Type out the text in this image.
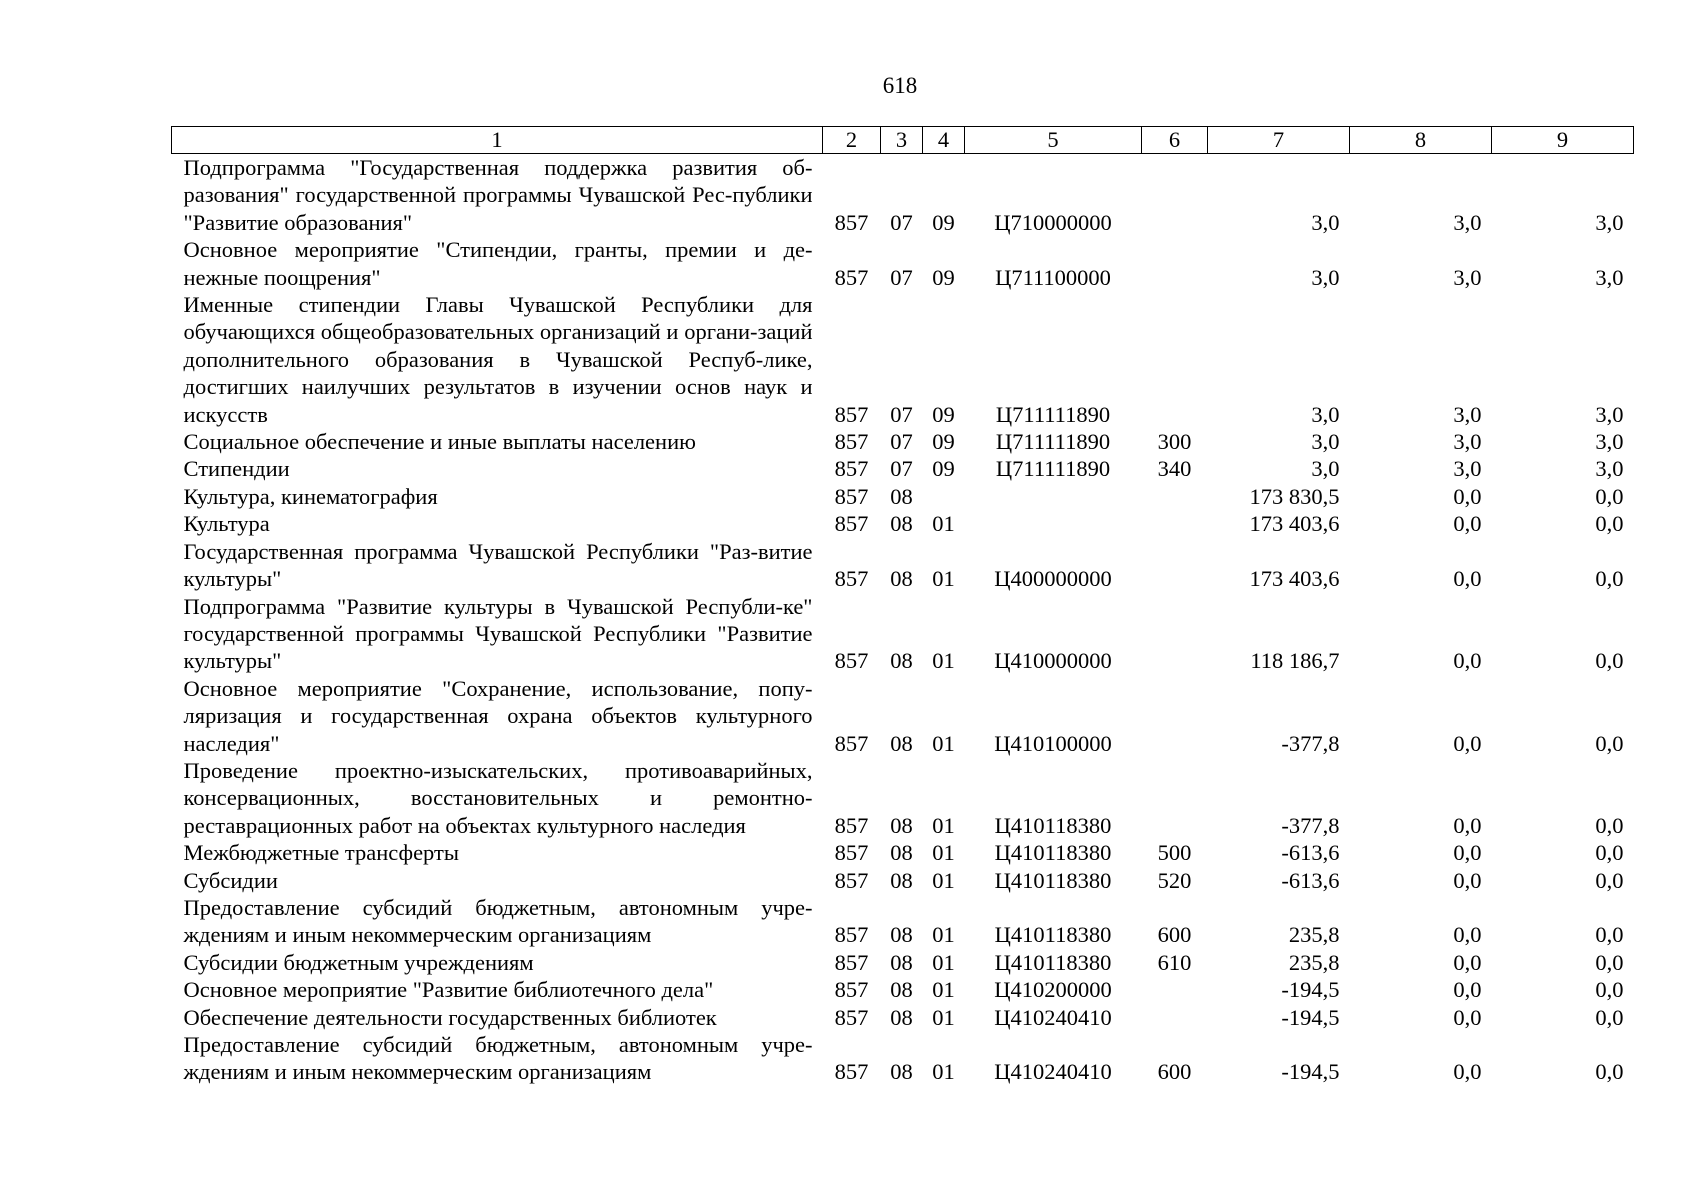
618
1	2	3	4	5	6	7	8	9
Подпрограмма "Государственная поддержка развития об-разования" государственной программы Чувашской Рес-публики "Развитие образования"	857	07	09	Ц710000000		3,0	3,0	3,0
Основное мероприятие "Стипендии, гранты, премии и де-нежные поощрения"	857	07	09	Ц711100000		3,0	3,0	3,0
Именные стипендии Главы Чувашской Республики для обучающихся общеобразовательных организаций и органи-заций дополнительного образования в Чувашской Респуб-лике, достигших наилучших результатов в изучении основ наук и искусств	857	07	09	Ц711111890		3,0	3,0	3,0
Социальное обеспечение и иные выплаты населению	857	07	09	Ц711111890	300	3,0	3,0	3,0
Стипендии	857	07	09	Ц711111890	340	3,0	3,0	3,0
Культура, кинематография	857	08				173 830,5	0,0	0,0
Культура	857	08	01			173 403,6	0,0	0,0
Государственная программа Чувашской Республики "Раз-витие культуры"	857	08	01	Ц400000000		173 403,6	0,0	0,0
Подпрограмма "Развитие культуры в Чувашской Республи-ке" государственной программы Чувашской Республики "Развитие культуры"	857	08	01	Ц410000000		118 186,7	0,0	0,0
Основное мероприятие "Сохранение, использование, попу-ляризация и государственная охрана объектов культурного наследия"	857	08	01	Ц410100000		-377,8	0,0	0,0
Проведение проектно-изыскательских, противоаварийных, консервационных, восстановительных и ремонтно-реставрационных работ на объектах культурного наследия	857	08	01	Ц410118380		-377,8	0,0	0,0
Межбюджетные трансферты	857	08	01	Ц410118380	500	-613,6	0,0	0,0
Субсидии	857	08	01	Ц410118380	520	-613,6	0,0	0,0
Предоставление субсидий бюджетным, автономным учре-ждениям и иным некоммерческим организациям	857	08	01	Ц410118380	600	235,8	0,0	0,0
Субсидии бюджетным учреждениям	857	08	01	Ц410118380	610	235,8	0,0	0,0
Основное мероприятие "Развитие библиотечного дела"	857	08	01	Ц410200000		-194,5	0,0	0,0
Обеспечение деятельности государственных библиотек	857	08	01	Ц410240410		-194,5	0,0	0,0
Предоставление субсидий бюджетным, автономным учре-ждениям и иным некоммерческим организациям	857	08	01	Ц410240410	600	-194,5	0,0	0,0
